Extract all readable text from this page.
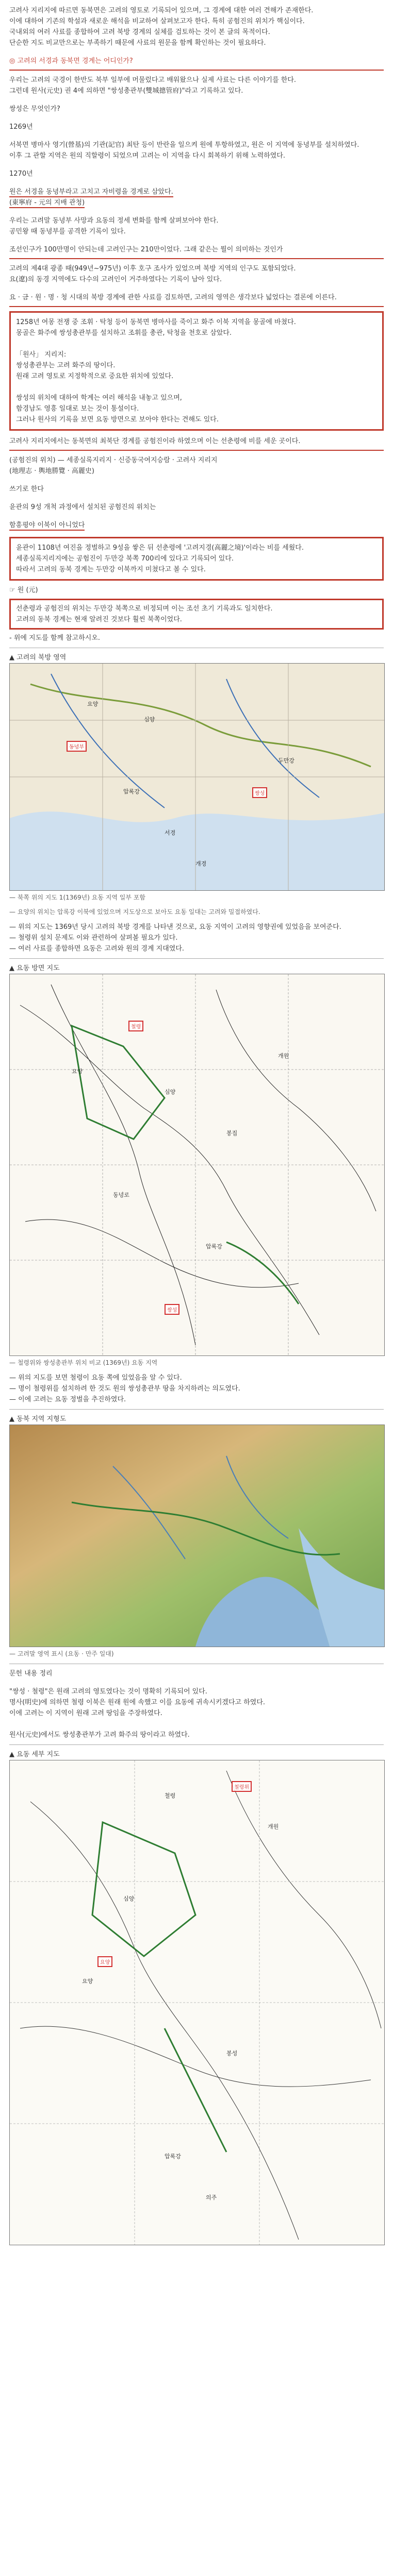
고려사 지리지에 따르면 동북면은 고려의 영토로 기록되어 있으며, 그 경계에 대한 여러 견해가 존재한다.

이에 대하여 기존의 학설과 새로운 해석을 비교하여 살펴보고자 한다. 특히 공험진의 위치가 핵심이다.

국내외의 여러 사료를 종합하여 고려 북방 경계의 실체를 검토하는 것이 본 글의 목적이다.

단순한 지도 비교만으로는 부족하기 때문에 사료의 원문을 함께 확인하는 것이 필요하다.

◎ 고려의 서경과 동북면 경계는 어디인가?

우리는 고려의 국경이 한반도 북부 일부에 머물렀다고 배워왔으나 실제 사료는 다른 이야기를 한다.

그런데 원사(元史) 권 4에 의하면 "쌍성총관부(雙城摠管府)"라고 기록하고 있다.

쌍성은 무엇인가?

1269년

서북면 병마사 영기(營基)의 기관(記官) 최탄 등이 반란을 일으켜 원에 투항하였고, 원은 이 지역에 동녕부를 설치하였다.

이후 그 관할 지역은 원의 직할령이 되었으며 고려는 이 지역을 다시 회복하기 위해 노력하였다.

1270년

원은 서경을 동녕부라고 고치고 자비령을 경계로 삼았다.

(東寧府 - 元의 지배 관청)

우리는 고려말 동녕부 사망과 요동의 정세 변화를 함께 살펴보아야 한다.

공민왕 때 동녕부를 공격한 기록이 있다.

조선인구가 100만명이 안되는데 고려인구는 210만이었다. 그래 같은는 뭘이 의미하는 것인가

고려의 제4대 광종 때(949년~975년) 이후 호구 조사가 있었으며 북방 지역의 인구도 포함되었다.

요(遼)의 동경 지역에도 다수의 고려인이 거주하였다는 기록이 남아 있다.

요 · 금 · 원 · 명 · 청 시대의 북방 경계에 관한 사료를 검토하면, 고려의 영역은 생각보다 넓었다는 결론에 이른다.

1258년 여몽 전쟁 중 조휘 · 탁청 등이 동북면 병마사를 죽이고 화주 이북 지역을 몽골에 바쳤다.

몽골은 화주에 쌍성총관부를 설치하고 조휘를 총관, 탁청을 천호로 삼았다.

「원사」 지리지:

쌍성총관부는 고려 화주의 땅이다.

원래 고려 영토로 지정학적으로 중요한 위치에 있었다.

쌍성의 위치에 대하여 학계는 여러 해석을 내놓고 있으며,

함경남도 영흥 일대로 보는 것이 통설이다.

그러나 원사의 기록을 보면 요동 방면으로 보아야 한다는 견해도 있다.

고려사 지리지에서는 동북면의 최북단 경계를 공험진이라 하였으며 이는 선춘령에 비를 세운 곳이다.

(공험진의 위치) — 세종실록지리지 · 신증동국여지승람 · 고려사 지리지

(地理志 · 輿地勝覽 · 高麗史)

쓰기로 한다

윤관의 9성 개척 과정에서 설치된 공험진의 위치는

함흥평야 이북이 아니었다

윤관이 1108년 여진을 정벌하고 9성을 쌓은 뒤 선춘령에 '고려지경(高麗之境)'이라는 비를 세웠다.

세종실록지리지에는 공험진이 두만강 북쪽 700리에 있다고 기록되어 있다.

따라서 고려의 동북 경계는 두만강 이북까지 미쳤다고 볼 수 있다.

☞ 원 (元)

선춘령과 공험진의 위치는 두만강 북쪽으로 비정되며 이는 조선 초기 기록과도 일치한다.

고려의 동북 경계는 현재 알려진 것보다 훨씬 북쪽이었다.

- 위에 지도를 함께 참고하시오.

▲ 고려의 북방 영역

요양
심양
압록강
두만강
서경
개경
동녕부
쌍성

— 북쪽 위의 지도 1(1369년) 요동 지역 일부 포함

— 요양의 위치는 압록강 이북에 있었으며 지도상으로 보아도 요동 일대는 고려와 밀접하였다.

— 위의 지도는 1369년 당시 고려의 북방 경계를 나타낸 것으로, 요동 지역이 고려의 영향권에 있었음을 보여준다.

— 철령위 설치 문제도 이와 관련하여 살펴볼 필요가 있다.

— 여러 사료를 종합하면 요동은 고려와 원의 경계 지대였다.

▲ 요동 방면 지도

철령
요양
심양
봉집
개원
동녕로
압록강
쌍성

— 철령위와 쌍성총관부 위치 비교 (1369년) 요동 지역

— 위의 지도를 보면 철령이 요동 쪽에 있었음을 알 수 있다.

— 명이 철령위를 설치하려 한 것도 원의 쌍성총관부 땅을 차지하려는 의도였다.

— 이에 고려는 요동 정벌을 추진하였다.

▲ 동북 지역 지형도

— 고려말 영역 표시 (요동 · 만주 일대)

문헌 내용 정리

"쌍성 · 철령"은 원래 고려의 영토였다는 것이 명확히 기록되어 있다.

명사(明史)에 의하면 철령 이북은 원래 원에 속했고 이를 요동에 귀속시키겠다고 하였다.

이에 고려는 이 지역이 원래 고려 땅임을 주장하였다.

원사(元史)에서도 쌍성총관부가 고려 화주의 땅이라고 하였다.

▲ 요동 세부 지도

철령
개원
심양
요양
봉성
압록강
의주
철령위
요양
